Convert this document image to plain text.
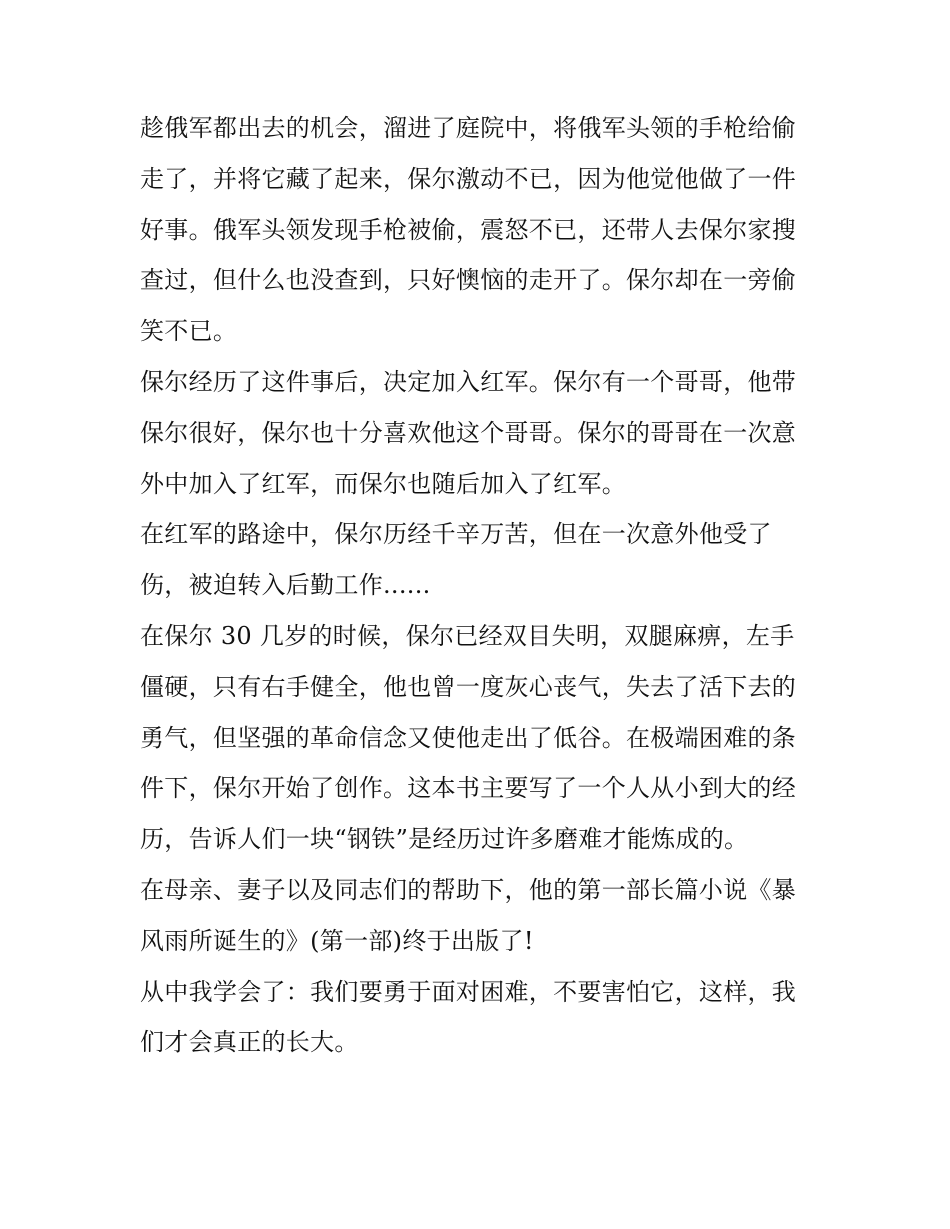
趁俄军都出去的机会，溜进了庭院中，将俄军头领的手枪给偷
走了，并将它藏了起来，保尔激动不已，因为他觉他做了一件
好事。俄军头领发现手枪被偷，震怒不已，还带人去保尔家搜
查过，但什么也没查到，只好懊恼的走开了。保尔却在一旁偷
笑不已。
保尔经历了这件事后，决定加入红军。保尔有一个哥哥，他带
保尔很好，保尔也十分喜欢他这个哥哥。保尔的哥哥在一次意
外中加入了红军，而保尔也随后加入了红军。
在红军的路途中，保尔历经千辛万苦，但在一次意外他受了
伤，被迫转入后勤工作......
在保尔 30 几岁的时候，保尔已经双目失明，双腿麻痹，左手
僵硬，只有右手健全，他也曾一度灰心丧气，失去了活下去的
勇气，但坚强的革命信念又使他走出了低谷。在极端困难的条
件下，保尔开始了创作。这本书主要写了一个人从小到大的经
历，告诉人们一块“钢铁”是经历过许多磨难才能炼成的。
在母亲、妻子以及同志们的帮助下，他的第一部长篇小说《暴
风雨所诞生的》(第一部)终于出版了!
从中我学会了：我们要勇于面对困难，不要害怕它，这样，我
们才会真正的长大。
